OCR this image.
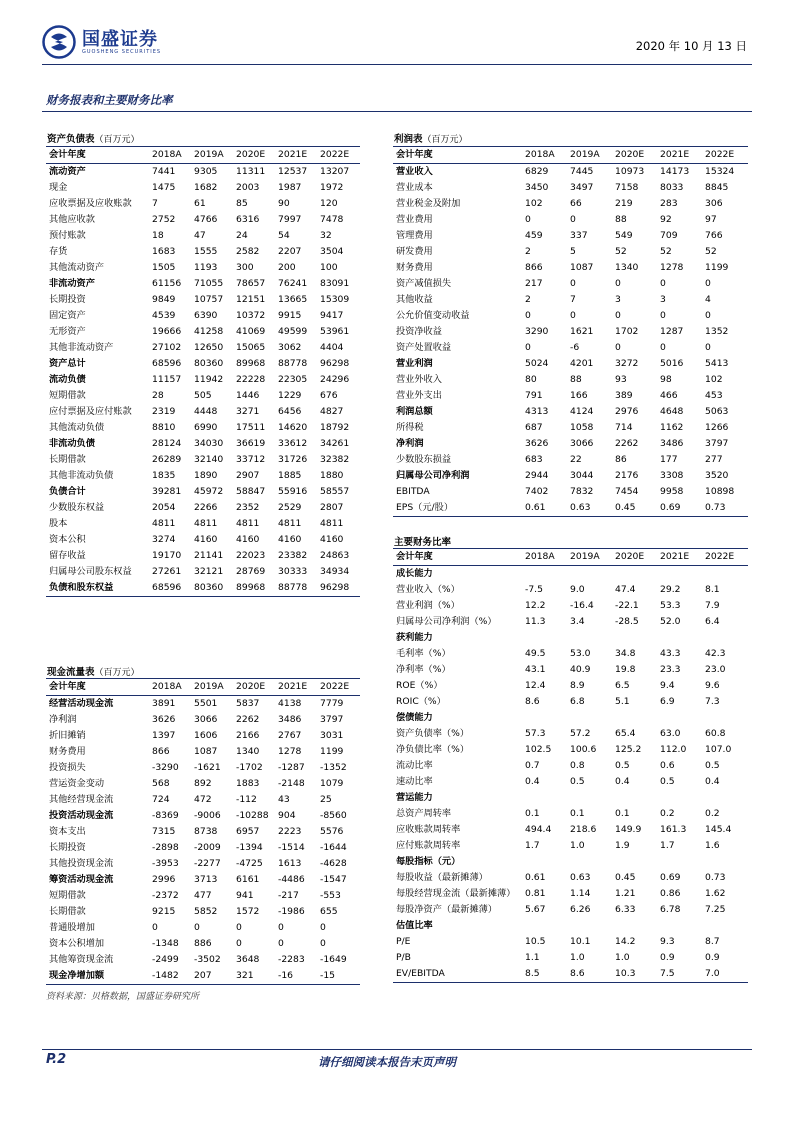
国盛证券
GUOSHENG SECURITIES	2020 年 10 月 13 日
财务报表和主要财务比率
资产负债表（百万元）
会计年度	2018A	2019A	2020E	2021E	2022E
流动资产	7441	9305	11311	12537	13207
现金	1475	1682	2003	1987	1972
应收票据及应收账款	7	61	85	90	120
其他应收款	2752	4766	6316	7997	7478
预付账款	18	47	24	54	32
存货	1683	1555	2582	2207	3504
其他流动资产	1505	1193	300	200	100
非流动资产	61156	71055	78657	76241	83091
长期投资	9849	10757	12151	13665	15309
固定资产	4539	6390	10372	9915	9417
无形资产	19666	41258	41069	49599	53961
其他非流动资产	27102	12650	15065	3062	4404
资产总计	68596	80360	89968	88778	96298
流动负债	11157	11942	22228	22305	24296
短期借款	28	505	1446	1229	676
应付票据及应付账款	2319	4448	3271	6456	4827
其他流动负债	8810	6990	17511	14620	18792
非流动负债	28124	34030	36619	33612	34261
长期借款	26289	32140	33712	31726	32382
其他非流动负债	1835	1890	2907	1885	1880
负债合计	39281	45972	58847	55916	58557
少数股东权益	2054	2266	2352	2529	2807
股本	4811	4811	4811	4811	4811
资本公积	3274	4160	4160	4160	4160
留存收益	19170	21141	22023	23382	24863
归属母公司股东权益	27261	32121	28769	30333	34934
负债和股东权益	68596	80360	89968	88778	96298
利润表（百万元）
会计年度	2018A	2019A	2020E	2021E	2022E
营业收入	6829	7445	10973	14173	15324
营业成本	3450	3497	7158	8033	8845
营业税金及附加	102	66	219	283	306
营业费用	0	0	88	92	97
管理费用	459	337	549	709	766
研发费用	2	5	52	52	52
财务费用	866	1087	1340	1278	1199
资产减值损失	217	0	0	0	0
其他收益	2	7	3	3	4
公允价值变动收益	0	0	0	0	0
投资净收益	3290	1621	1702	1287	1352
资产处置收益	0	-6	0	0	0
营业利润	5024	4201	3272	5016	5413
营业外收入	80	88	93	98	102
营业外支出	791	166	389	466	453
利润总额	4313	4124	2976	4648	5063
所得税	687	1058	714	1162	1266
净利润	3626	3066	2262	3486	3797
少数股东损益	683	22	86	177	277
归属母公司净利润	2944	3044	2176	3308	3520
EBITDA	7402	7832	7454	9958	10898
EPS（元/股）	0.61	0.63	0.45	0.69	0.73
主要财务比率
会计年度	2018A	2019A	2020E	2021E	2022E
成长能力					
营业收入（%）	-7.5	9.0	47.4	29.2	8.1
营业利润（%）	12.2	-16.4	-22.1	53.3	7.9
归属母公司净利润（%）	11.3	3.4	-28.5	52.0	6.4
获利能力					
毛利率（%）	49.5	53.0	34.8	43.3	42.3
净利率（%）	43.1	40.9	19.8	23.3	23.0
ROE（%）	12.4	8.9	6.5	9.4	9.6
ROIC（%）	8.6	6.8	5.1	6.9	7.3
偿债能力					
资产负债率（%）	57.3	57.2	65.4	63.0	60.8
净负债比率（%）	102.5	100.6	125.2	112.0	107.0
流动比率	0.7	0.8	0.5	0.6	0.5
速动比率	0.4	0.5	0.4	0.5	0.4
营运能力					
总资产周转率	0.1	0.1	0.1	0.2	0.2
应收账款周转率	494.4	218.6	149.9	161.3	145.4
应付账款周转率	1.7	1.0	1.9	1.7	1.6
每股指标（元）					
每股收益（最新摊薄）	0.61	0.63	0.45	0.69	0.73
每股经营现金流（最新摊薄）	0.81	1.14	1.21	0.86	1.62
每股净资产（最新摊薄）	5.67	6.26	6.33	6.78	7.25
估值比率					
P/E	10.5	10.1	14.2	9.3	8.7
P/B	1.1	1.0	1.0	0.9	0.9
EV/EBITDA	8.5	8.6	10.3	7.5	7.0
现金流量表（百万元）
会计年度	2018A	2019A	2020E	2021E	2022E
经营活动现金流	3891	5501	5837	4138	7779
净利润	3626	3066	2262	3486	3797
折旧摊销	1397	1606	2166	2767	3031
财务费用	866	1087	1340	1278	1199
投资损失	-3290	-1621	-1702	-1287	-1352
营运资金变动	568	892	1883	-2148	1079
其他经营现金流	724	472	-112	43	25
投资活动现金流	-8369	-9006	-10288	904	-8560
资本支出	7315	8738	6957	2223	5576
长期投资	-2898	-2009	-1394	-1514	-1644
其他投资现金流	-3953	-2277	-4725	1613	-4628
筹资活动现金流	2996	3713	6161	-4486	-1547
短期借款	-2372	477	941	-217	-553
长期借款	9215	5852	1572	-1986	655
普通股增加	0	0	0	0	0
资本公积增加	-1348	886	0	0	0
其他筹资现金流	-2499	-3502	3648	-2283	-1649
现金净增加额	-1482	207	321	-16	-15
资料来源：贝格数据，国盛证券研究所
P.2	请仔细阅读本报告末页声明
